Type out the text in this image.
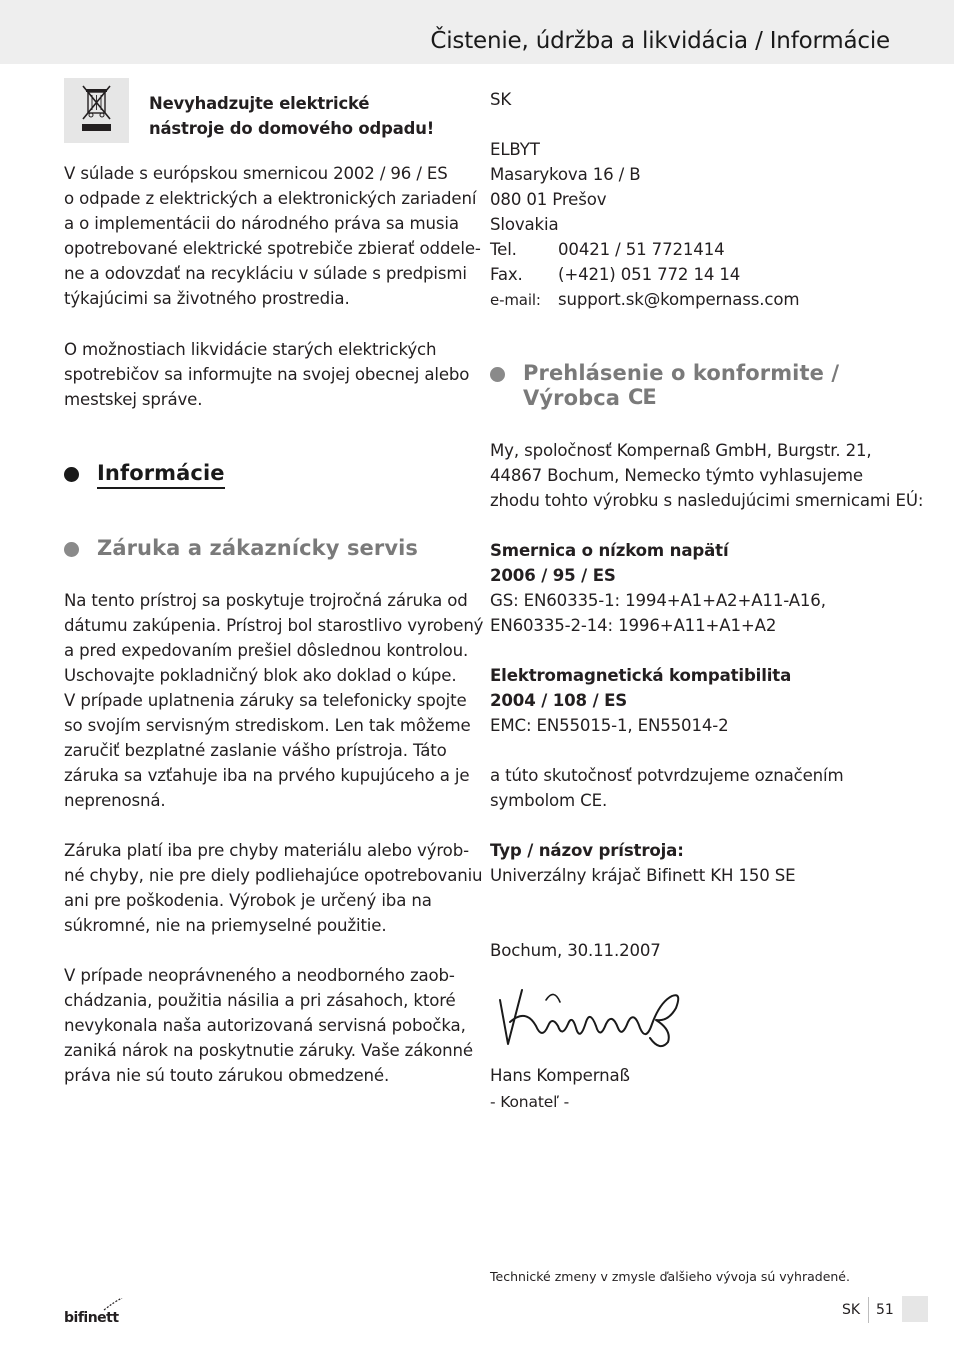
Čistenie, údržba a likvidácia / Informácie
Nevyhadzujte elektrické
nástroje do domového odpadu!
V súlade s európskou smernicou 2002 / 96 / ES
o odpade z elektrických a elektronických zariadení
a o implementácii do národného práva sa musia
opotrebované elektrické spotrebiče zbierať oddele-
ne a odovzdať na recykláciu v súlade s predpismi
týkajúcimi sa životného prostredia.
O možnostiach likvidácie starých elektrických
spotrebičov sa informujte na svojej obecnej alebo
mestskej správe.
Informácie
Záruka a zákaznícky servis
Na tento prístroj sa poskytuje trojročná záruka od
dátumu zakúpenia. Prístroj bol starostlivo vyrobený
a pred expedovaním prešiel dôslednou kontrolou.
Uschovajte pokladničný blok ako doklad o kúpe.
V prípade uplatnenia záruky sa telefonicky spojte
so svojím servisným strediskom. Len tak môžeme
zaručiť bezplatné zaslanie vášho prístroja. Táto
záruka sa vzťahuje iba na prvého kupujúceho a je
neprenosná.
Záruka platí iba pre chyby materiálu alebo výrob-
né chyby, nie pre diely podliehajúce opotrebovaniu
ani pre poškodenia. Výrobok je určený iba na
súkromné, nie na priemyselné použitie.
V prípade neoprávneného a neodborného zaob-
chádzania, použitia násilia a pri zásahoch, ktoré
nevykonala naša autorizovaná servisná pobočka,
zaniká nárok na poskytnutie záruky. Vaše zákonné
práva nie sú touto zárukou obmedzené.
SK
ELBYT
Masarykova 16 / B
080 01 Prešov
Slovakia
Tel. 00421 / 51 7721414
Fax. (+421) 051 772 14 14
e-mail: support.sk@kompernass.com
Prehlásenie o konformite /
Výrobca CE
My, spoločnosť Kompernaß GmbH, Burgstr. 21,
44867 Bochum, Nemecko týmto vyhlasujeme
zhodu tohto výrobku s nasledujúcimi smernicami EÚ:
Smernica o nízkom napätí
2006 / 95 / ES
GS: EN60335-1: 1994+A1+A2+A11-A16,
EN60335-2-14: 1996+A11+A1+A2
Elektromagnetická kompatibilita
2004 / 108 / ES
EMC: EN55015-1, EN55014-2
a túto skutočnosť potvrdzujeme označením
symbolom CE.
Typ / názov prístroja:
Univerzálny krájač Bifinett KH 150 SE
Bochum, 30.11.2007
Hans Kompernaß
- Konateľ -
Technické zmeny v zmysle ďalšieho vývoja sú vyhradené.
bifinett	SK 51
